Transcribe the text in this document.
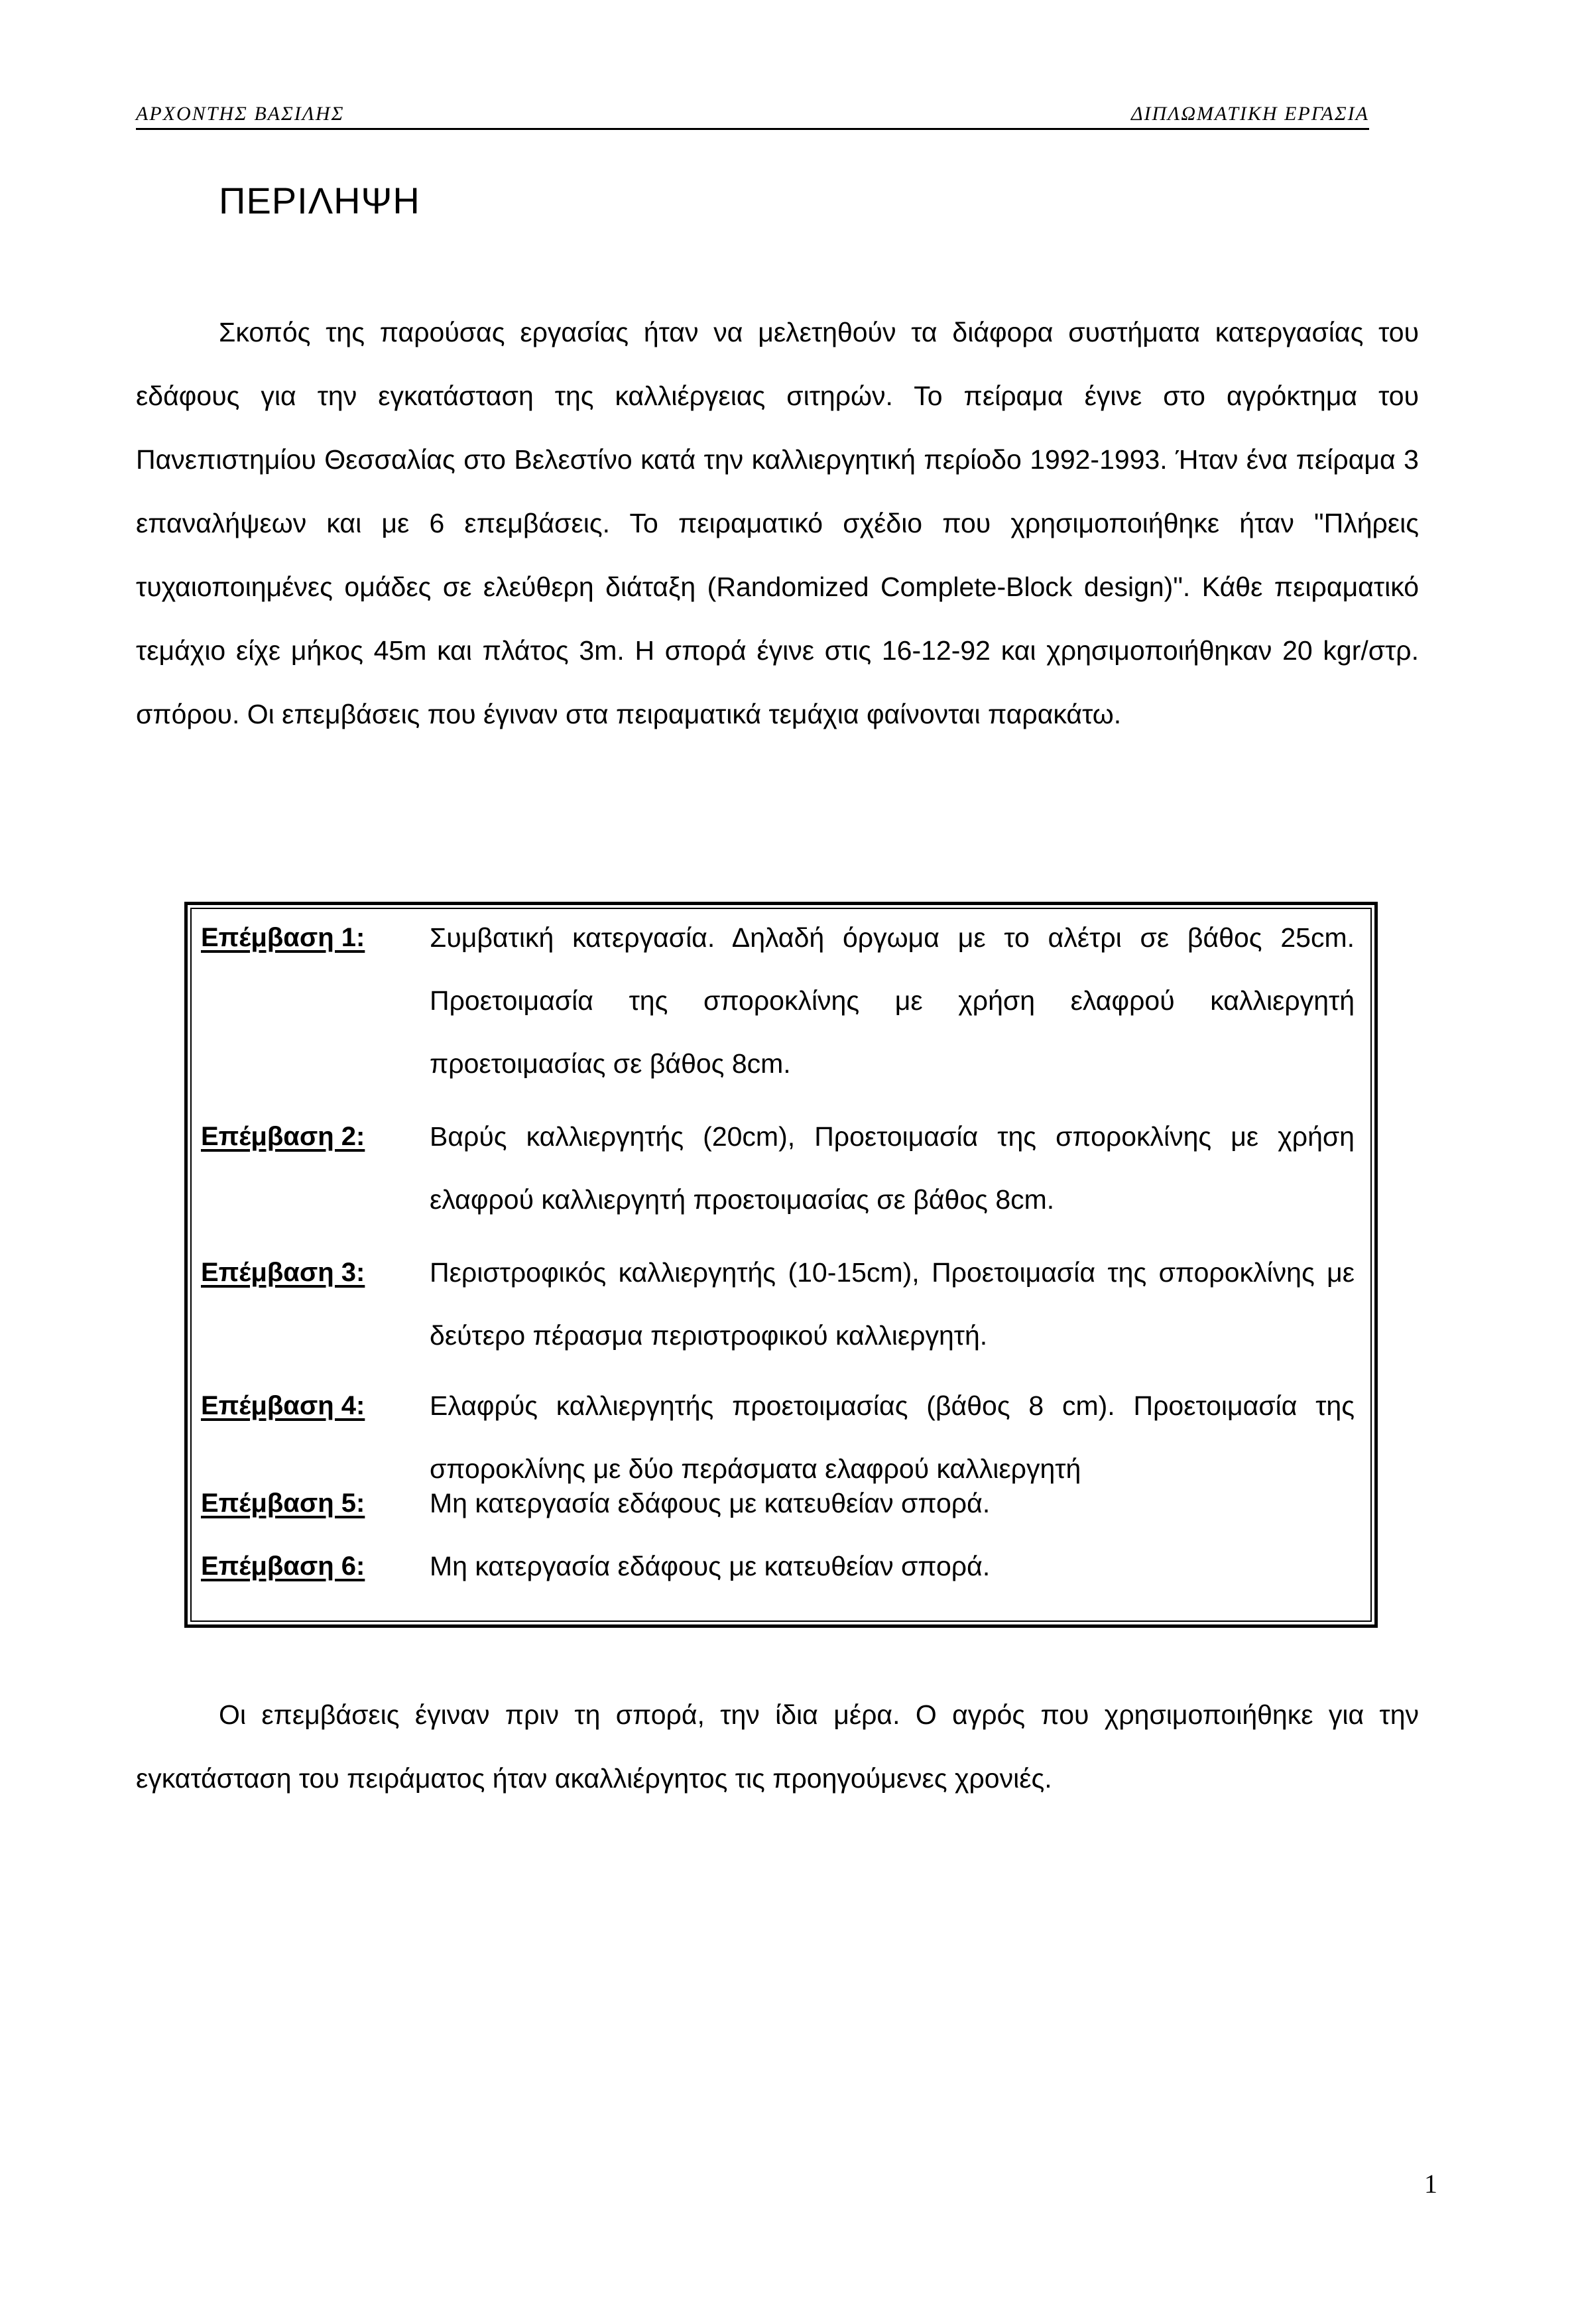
ΑΡΧΟΝΤΗΣ ΒΑΣΙΛΗΣ	ΔΙΠΛΩΜΑΤΙΚΗ ΕΡΓΑΣΙΑ
ΠΕΡΙΛΗΨΗ

Σκοπός της παρούσας εργασίας ήταν να μελετηθούν τα διάφορα συστήματα κατεργασίας του εδάφους για την εγκατάσταση της καλλιέργειας σιτηρών. Το πείραμα έγινε στο αγρόκτημα του Πανεπιστημίου Θεσσαλίας στο Βελεστίνο κατά την καλλιεργητική περίοδο 1992-1993. Ήταν ένα πείραμα 3 επαναλήψεων και με 6 επεμβάσεις. Το πειραματικό σχέδιο που χρησιμοποιήθηκε ήταν "Πλήρεις τυχαιοποιημένες ομάδες σε ελεύθερη διάταξη (Randomized Complete-Block design)". Κάθε πειραματικό τεμάχιο είχε μήκος 45m και πλάτος 3m. Η σπορά έγινε στις 16-12-92 και χρησιμοποιήθηκαν 20 kgr/στρ. σπόρου. Οι επεμβάσεις που έγιναν στα πειραματικά τεμάχια φαίνονται παρακάτω.

Επέμβαση 1:	Συμβατική κατεργασία. Δηλαδή όργωμα με το αλέτρι σε βάθος 25cm. Προετοιμασία της σποροκλίνης με χρήση ελαφρού καλλιεργητή προετοιμασίας σε βάθος 8cm.
Επέμβαση 2:	Βαρύς καλλιεργητής (20cm), Προετοιμασία της σποροκλίνης με χρήση ελαφρού καλλιεργητή προετοιμασίας σε βάθος 8cm.
Επέμβαση 3:	Περιστροφικός καλλιεργητής (10-15cm), Προετοιμασία της σποροκλίνης με δεύτερο πέρασμα περιστροφικού καλλιεργητή.
Επέμβαση 4:	Ελαφρύς καλλιεργητής προετοιμασίας (βάθος 8 cm). Προετοιμασία της σποροκλίνης με δύο περάσματα ελαφρού καλλιεργητή
Επέμβαση 5:	Μη κατεργασία εδάφους με κατευθείαν σπορά.
Επέμβαση 6:	Μη κατεργασία εδάφους με κατευθείαν σπορά.

Οι επεμβάσεις έγιναν πριν τη σπορά, την ίδια μέρα. Ο αγρός που χρησιμοποιήθηκε για την εγκατάσταση του πειράματος ήταν ακαλλιέργητος τις προηγούμενες χρονιές.

1
